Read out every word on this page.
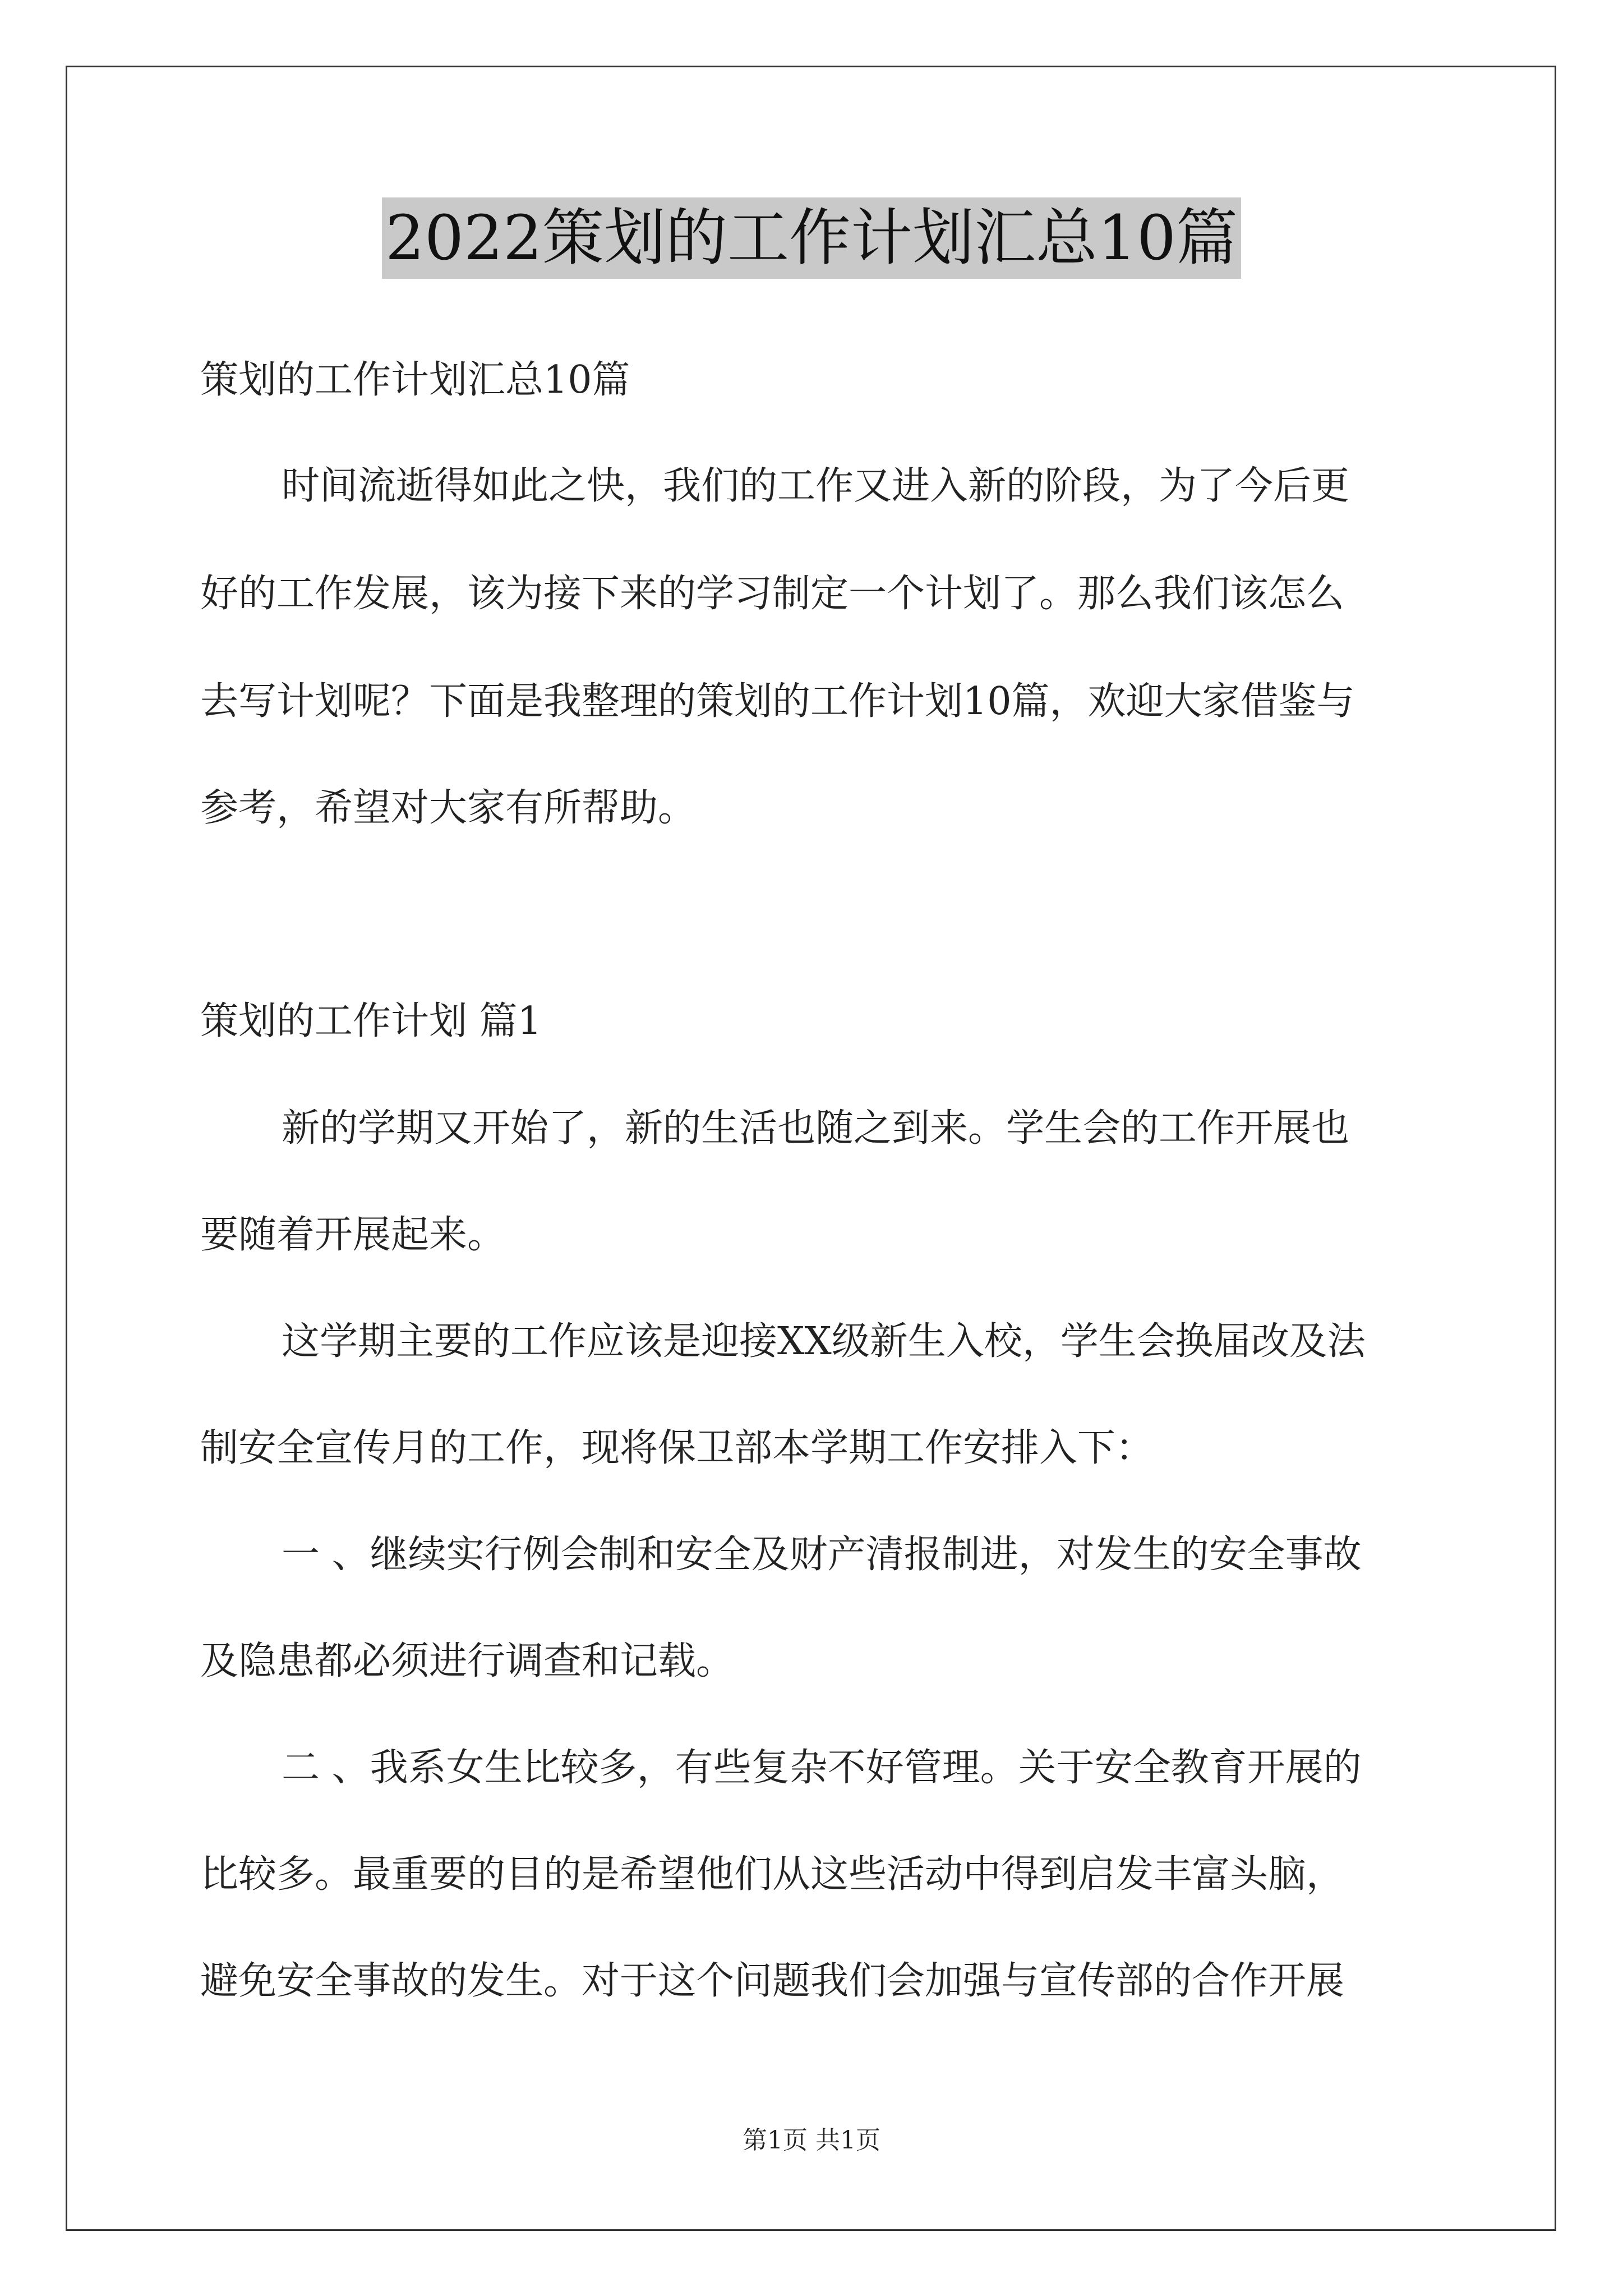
2022策划的工作计划汇总10篇
策划的工作计划汇总10篇
时间流逝得如此之快，我们的工作又进入新的阶段，为了今后更
好的工作发展，该为接下来的学习制定一个计划了。那么我们该怎么
去写计划呢？下面是我整理的策划的工作计划10篇，欢迎大家借鉴与
参考，希望对大家有所帮助。
策划的工作计划 篇1
新的学期又开始了，新的生活也随之到来。学生会的工作开展也
要随着开展起来。
这学期主要的工作应该是迎接XX级新生入校，学生会换届改及法
制安全宣传月的工作，现将保卫部本学期工作安排入下：
一 、继续实行例会制和安全及财产清报制进，对发生的安全事故
及隐患都必须进行调查和记载。
二 、我系女生比较多，有些复杂不好管理。关于安全教育开展的
比较多。最重要的目的是希望他们从这些活动中得到启发丰富头脑，
避免安全事故的发生。对于这个问题我们会加强与宣传部的合作开展
第1页 共1页
